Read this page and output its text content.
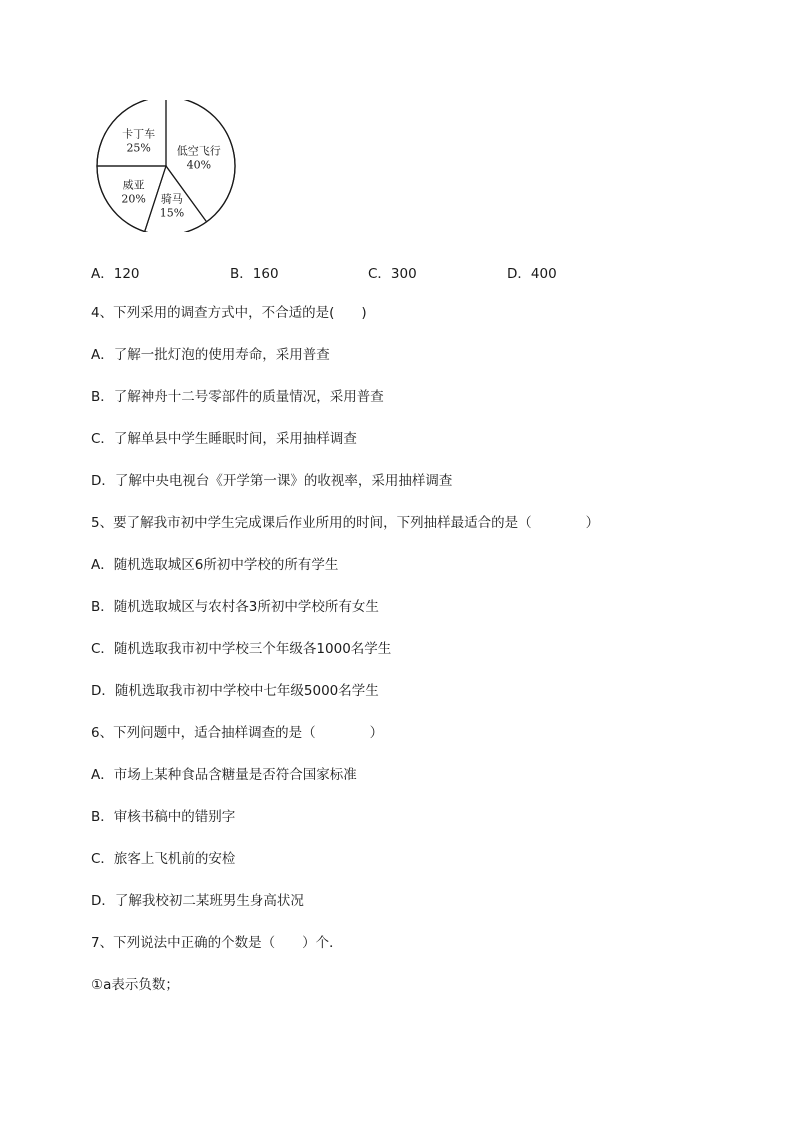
低空飞行
40%
骑马
15%
威亚
20%
卡丁车
25%
A．120	B．160	C．300	D．400
4、下列采用的调查方式中，不合适的是(　　)
A．了解一批灯泡的使用寿命，采用普查
B．了解神舟十二号零部件的质量情况，采用普查
C．了解单县中学生睡眠时间，采用抽样调查
D．了解中央电视台《开学第一课》的收视率，采用抽样调查
5、要了解我市初中学生完成课后作业所用的时间，下列抽样最适合的是（　　　　）
A．随机选取城区6所初中学校的所有学生
B．随机选取城区与农村各3所初中学校所有女生
C．随机选取我市初中学校三个年级各1000名学生
D．随机选取我市初中学校中七年级5000名学生
6、下列问题中，适合抽样调查的是（　　　　）
A．市场上某种食品含糖量是否符合国家标准
B．审核书稿中的错别字
C．旅客上飞机前的安检
D．了解我校初二某班男生身高状况
7、下列说法中正确的个数是（　　）个．
①a表示负数；
